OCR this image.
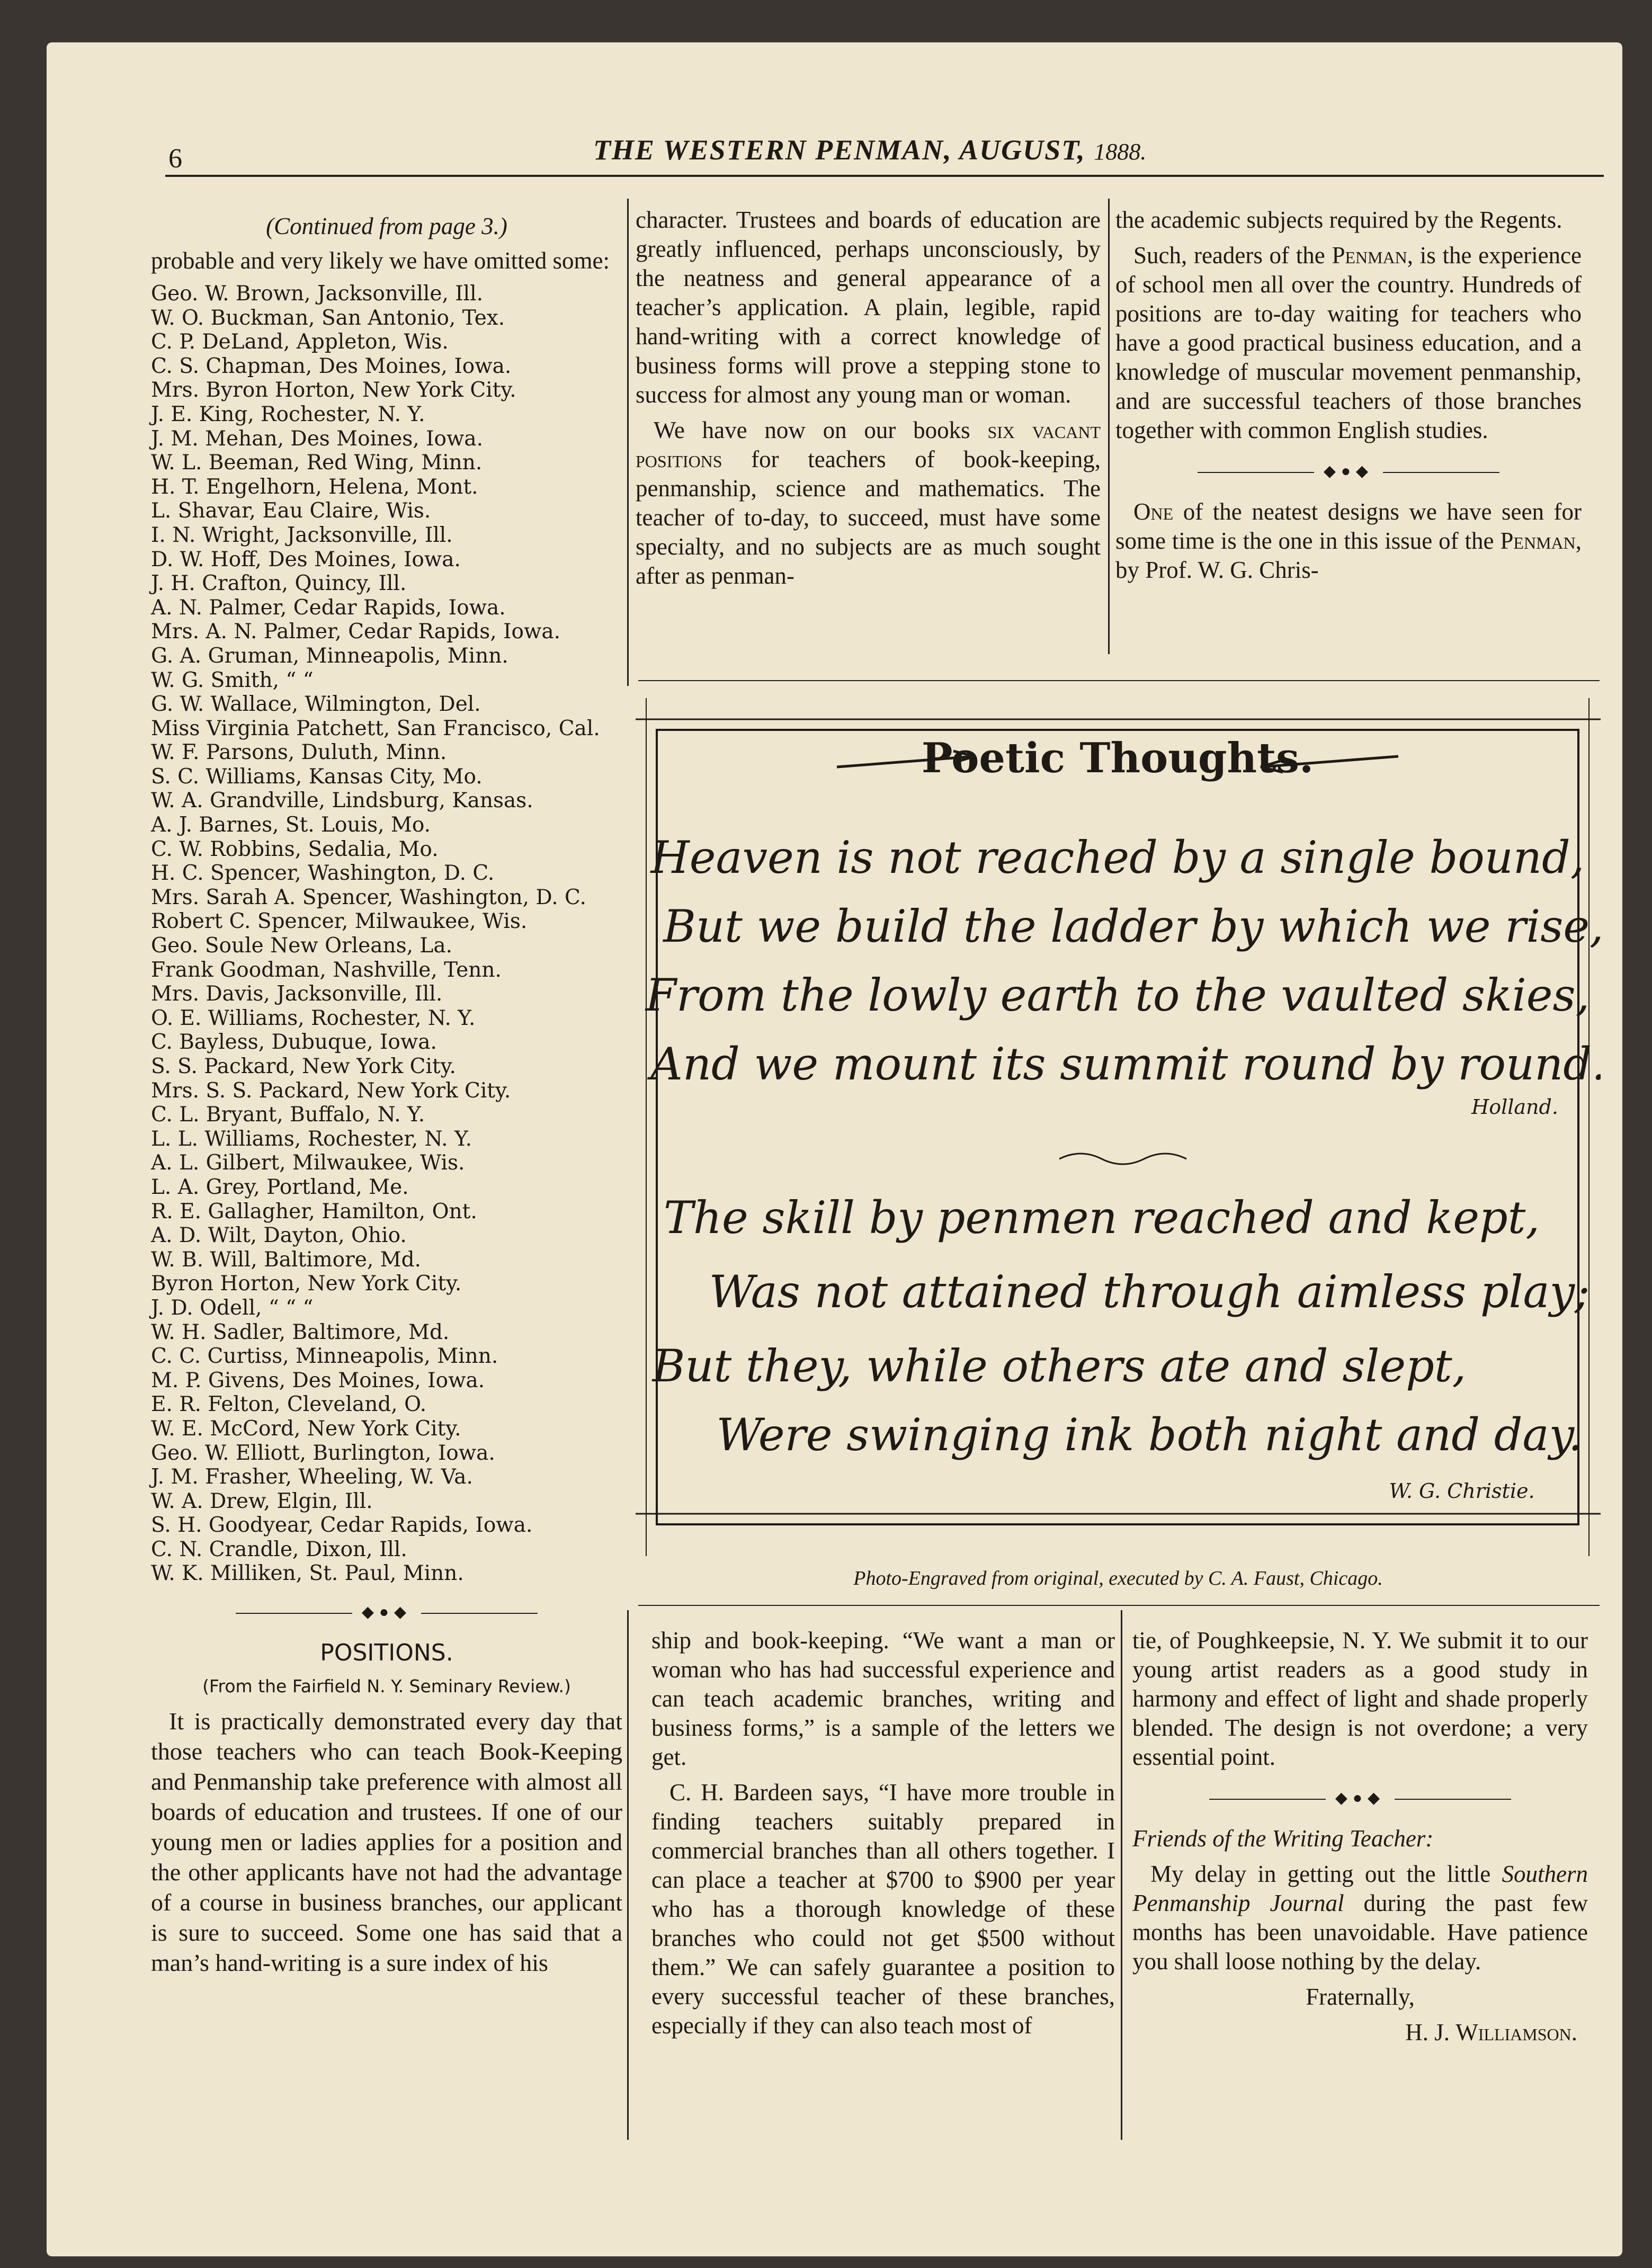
6	THE WESTERN PENMAN, AUGUST, 1888.
(Continued from page 3.)

probable and very likely we have omitted some:

Geo. W. Brown, Jacksonville, Ill.
W. O. Buckman, San Antonio, Tex.
C. P. DeLand, Appleton, Wis.
C. S. Chapman, Des Moines, Iowa.
Mrs. Byron Horton, New York City.
J. E. King, Rochester, N. Y.
J. M. Mehan, Des Moines, Iowa.
W. L. Beeman, Red Wing, Minn.
H. T. Engelhorn, Helena, Mont.
L. Shavar, Eau Claire, Wis.
I. N. Wright, Jacksonville, Ill.
D. W. Hoff, Des Moines, Iowa.
J. H. Crafton, Quincy, Ill.
A. N. Palmer, Cedar Rapids, Iowa.
Mrs. A. N. Palmer, Cedar Rapids, Iowa.
G. A. Gruman, Minneapolis, Minn.
W. G. Smith, “ “
G. W. Wallace, Wilmington, Del.
Miss Virginia Patchett, San Francisco, Cal.
W. F. Parsons, Duluth, Minn.
S. C. Williams, Kansas City, Mo.
W. A. Grandville, Lindsburg, Kansas.
A. J. Barnes, St. Louis, Mo.
C. W. Robbins, Sedalia, Mo.
H. C. Spencer, Washington, D. C.
Mrs. Sarah A. Spencer, Washington, D. C.
Robert C. Spencer, Milwaukee, Wis.
Geo. Soule New Orleans, La.
Frank Goodman, Nashville, Tenn.
Mrs. Davis, Jacksonville, Ill.
O. E. Williams, Rochester, N. Y.
C. Bayless, Dubuque, Iowa.
S. S. Packard, New York City.
Mrs. S. S. Packard, New York City.
C. L. Bryant, Buffalo, N. Y.
L. L. Williams, Rochester, N. Y.
A. L. Gilbert, Milwaukee, Wis.
L. A. Grey, Portland, Me.
R. E. Gallagher, Hamilton, Ont.
A. D. Wilt, Dayton, Ohio.
W. B. Will, Baltimore, Md.
Byron Horton, New York City.
J. D. Odell, “ “ “
W. H. Sadler, Baltimore, Md.
C. C. Curtiss, Minneapolis, Minn.
M. P. Givens, Des Moines, Iowa.
E. R. Felton, Cleveland, O.
W. E. McCord, New York City.
Geo. W. Elliott, Burlington, Iowa.
J. M. Frasher, Wheeling, W. Va.
W. A. Drew, Elgin, Ill.
S. H. Goodyear, Cedar Rapids, Iowa.
C. N. Crandle, Dixon, Ill.
W. K. Milliken, St. Paul, Minn.
◆●◆
POSITIONS.
(From the Fairfield N. Y. Seminary Review.)

It is practically demonstrated every day that those teachers who can teach Book-Keeping and Penmanship take preference with almost all boards of education and trustees. If one of our young men or ladies applies for a position and the other applicants have not had the advantage of a course in business branches, our applicant is sure to succeed. Some one has said that a man’s hand-writing is a sure index of his

character. Trustees and boards of education are greatly influenced, perhaps unconsciously, by the neatness and general appearance of a teacher’s application. A plain, legible, rapid hand-writing with a correct knowledge of business forms will prove a stepping stone to success for almost any young man or woman.

We have now on our books six vacant positions for teachers of book-keeping, penmanship, science and mathematics. The teacher of to-day, to succeed, must have some specialty, and no subjects are as much sought after as penman-

the academic subjects required by the Regents.

Such, readers of the Penman, is the experience of school men all over the country. Hundreds of positions are to-day waiting for teachers who have a good practical business education, and a knowledge of muscular movement penmanship, and are successful teachers of those branches together with common English studies.

◆●◆

One of the neatest designs we have seen for some time is the one in this issue of the Penman, by Prof. W. G. Chris-

Poetic Thoughts.
Heaven is not reached by a single bound,
But we build the ladder by which we rise,
From the lowly earth to the vaulted skies,
And we mount its summit round by round.
Holland.
The skill by penmen reached and kept,
Was not attained through aimless play;
But they, while others ate and slept,
Were swinging ink both night and day.
W. G. Christie.
Photo-Engraved from original, executed by C. A. Faust, Chicago.

ship and book-keeping. “We want a man or woman who has had successful experience and can teach academic branches, writing and business forms,” is a sample of the letters we get.

C. H. Bardeen says, “I have more trouble in finding teachers suitably prepared in commercial branches than all others together. I can place a teacher at $700 to $900 per year who has a thorough knowledge of these branches who could not get $500 without them.” We can safely guarantee a position to every successful teacher of these branches, especially if they can also teach most of

tie, of Poughkeepsie, N. Y. We submit it to our young artist readers as a good study in harmony and effect of light and shade properly blended. The design is not overdone; a very essential point.

◆●◆

Friends of the Writing Teacher:

My delay in getting out the little Southern Penmanship Journal during the past few months has been unavoidable. Have patience you shall loose nothing by the delay.

Fraternally,

H. J. Williamson.
